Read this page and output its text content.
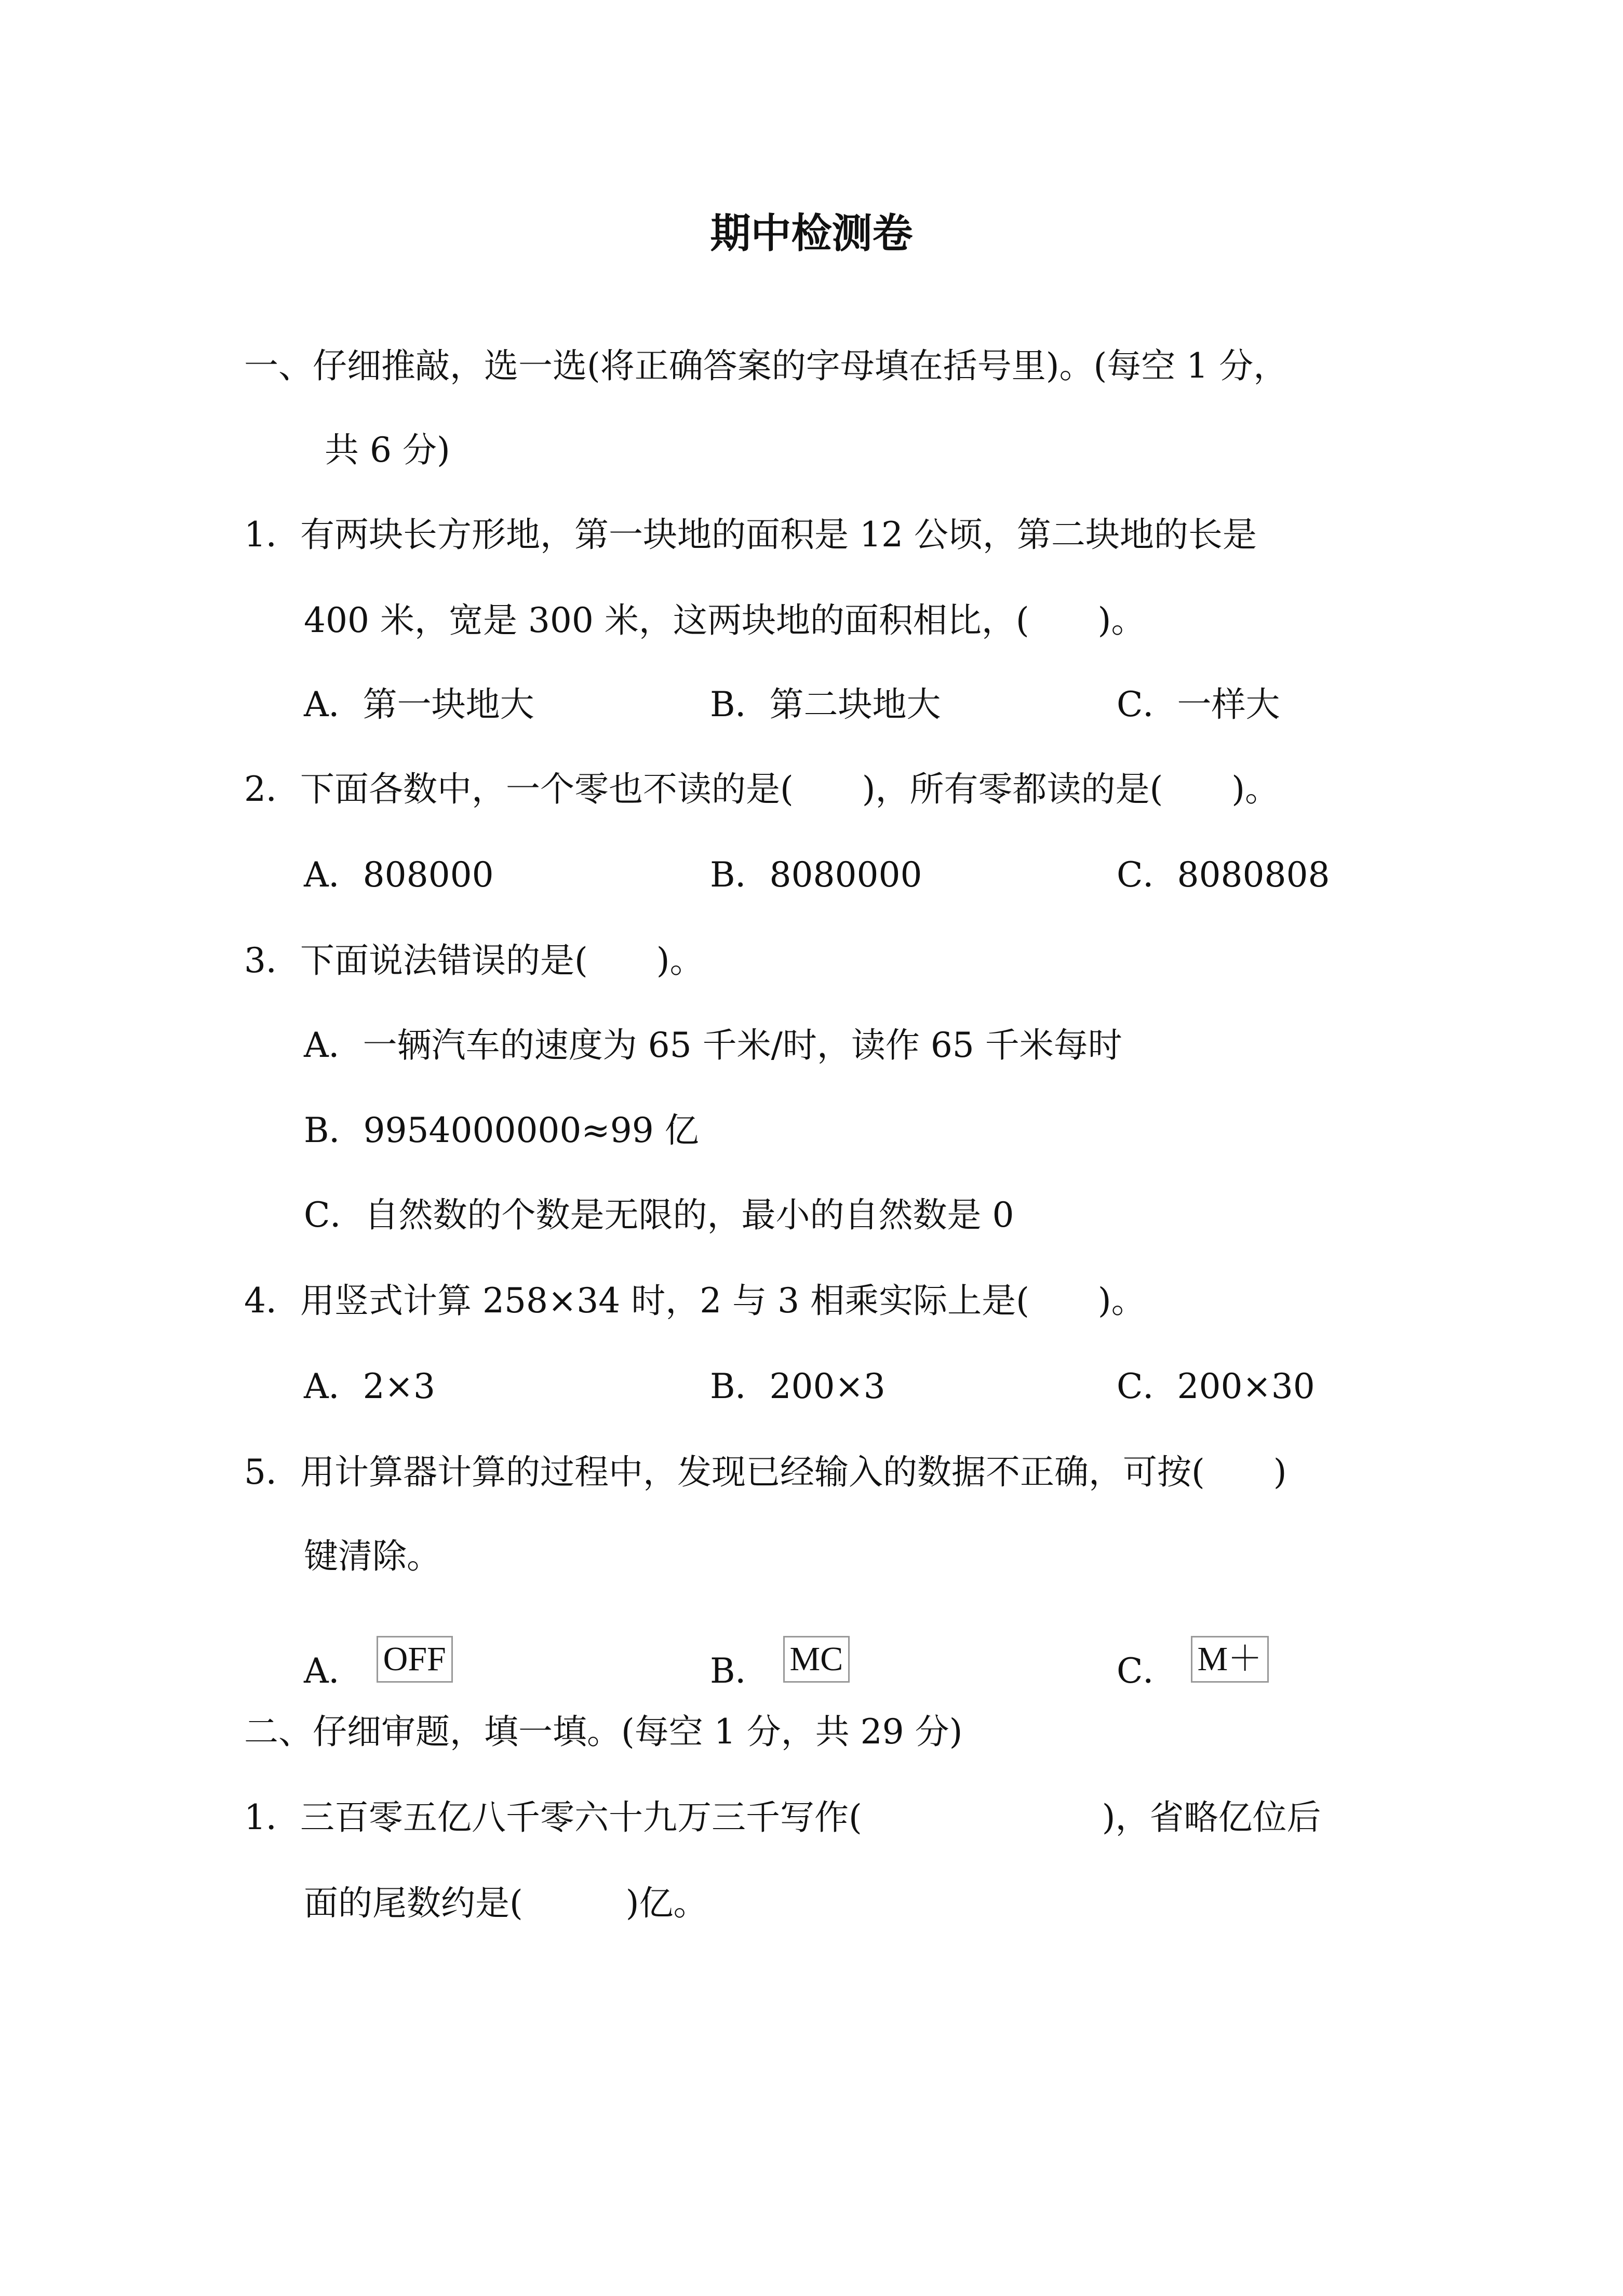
期中检测卷
一、仔细推敲，选一选(将正确答案的字母填在括号里)。(每空 1 分，
共 6 分)
1．有两块长方形地，第一块地的面积是 12 公顷，第二块地的长是
400 米，宽是 300 米，这两块地的面积相比，(　　)。
A．第一块地大	B．第二块地大	C．一样大
2．下面各数中，一个零也不读的是(　　)，所有零都读的是(　　)。
A．808000	B．8080000	C．8080808
3．下面说法错误的是(　　)。
A．一辆汽车的速度为 65 千米/时，读作 65 千米每时
B．9954000000≈99 亿
C．自然数的个数是无限的，最小的自然数是 0
4．用竖式计算 258×34 时，2 与 3 相乘实际上是(　　)。
A．2×3	B．200×3	C．200×30
5．用计算器计算的过程中，发现已经输入的数据不正确，可按(　　)
键清除。
A． OFF	B． MC	C． M＋
二、仔细审题，填一填。(每空 1 分，共 29 分)
1．三百零五亿八千零六十九万三千写作(　　　　　　　)，省略亿位后
面的尾数约是(　　　)亿。
